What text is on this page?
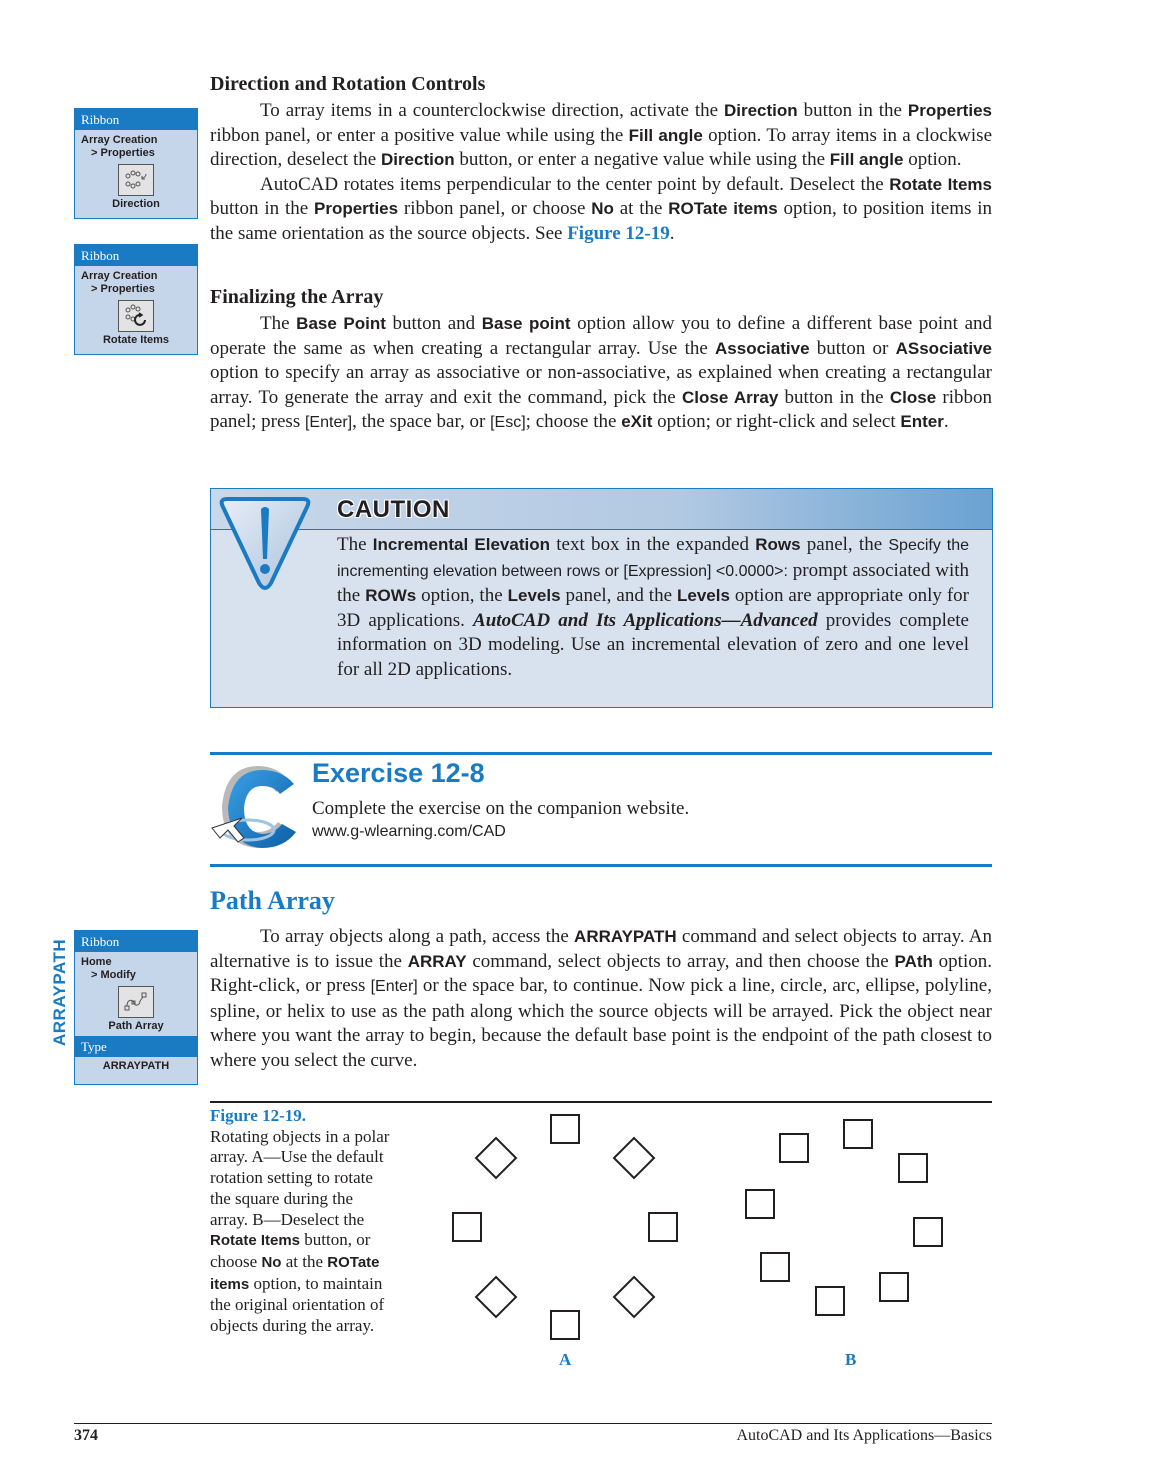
Ribbon
Array Creation
> Properties
Direction
Ribbon
Array Creation
> Properties
Rotate Items
ARRAYPATH Ribbon
Home
> Modify
Path Array
Type
ARRAYPATH
Direction and Rotation Controls

To array items in a counterclockwise direction, activate the Direction button in the Properties ribbon panel, or enter a positive value while using the Fill angle option. To array items in a clockwise direction, deselect the Direction button, or enter a negative value while using the Fill angle option.

AutoCAD rotates items perpendicular to the center point by default. Deselect the Rotate Items button in the Properties ribbon panel, or choose No at the ROTate items option, to position items in the same orientation as the source objects. See Figure 12-19.

Finalizing the Array

The Base Point button and Base point option allow you to define a different base point and operate the same as when creating a rectangular array. Use the Associative button or ASsociative option to specify an array as associative or non-associative, as explained when creating a rectangular array. To generate the array and exit the command, pick the Close Array button in the Close ribbon panel; press [Enter], the space bar, or [Esc]; choose the eXit option; or right-click and select Enter.

CAUTION
The Incremental Elevation text box in the expanded Rows panel, the Specify the incrementing elevation between rows or [Expression] <0.0000>: prompt associated with the ROWs option, the Levels panel, and the Levels option are appropriate only for 3D applications. AutoCAD and Its Applications—Advanced provides complete information on 3D modeling. Use an incremental elevation of zero and one level for all 2D applications.
Exercise 12-8
Complete the exercise on the companion website.
www.g-wlearning.com/CAD
Path Array

To array objects along a path, access the ARRAYPATH command and select objects to array. An alternative is to issue the ARRAY command, select objects to array, and then choose the PAth option. Right-click, or press [Enter] or the space bar, to continue. Now pick a line, circle, arc, ellipse, polyline, spline, or helix to use as the path along which the source objects will be arrayed. Pick the object near where you want the array to begin, because the default base point is the endpoint of the path closest to where you select the curve.

Figure 12-19.
Rotating objects in a polar array. A—Use the default rotation setting to rotate the square during the array. B—Deselect the Rotate Items button, or choose No at the ROTate items option, to maintain the original orientation of objects during the array.
A	B
374	AutoCAD and Its Applications—Basics
